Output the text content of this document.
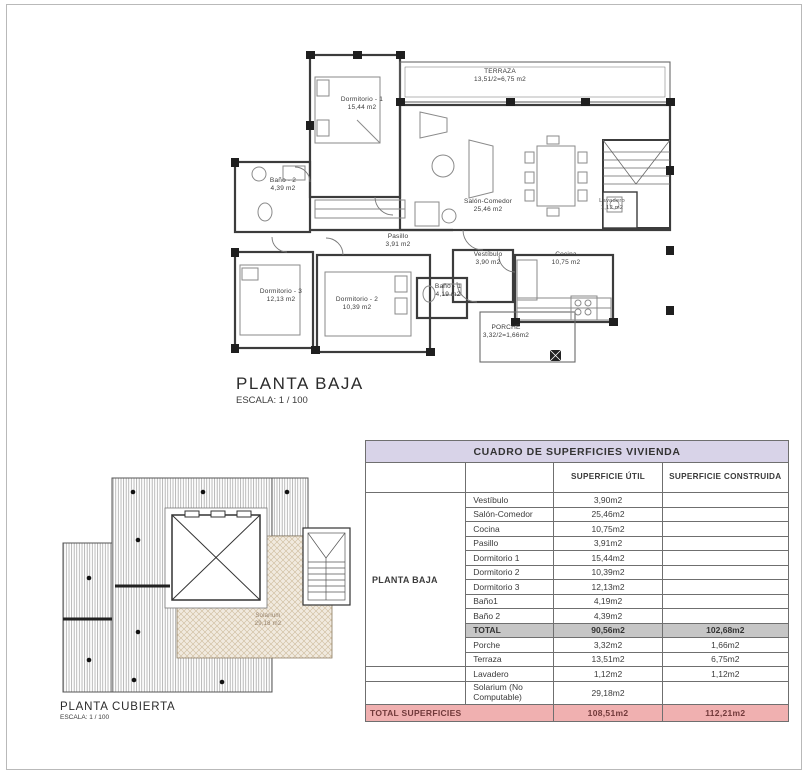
TERRAZA
13,51/2=6,75 m2
Dormitorio - 1
15,44 m2
Salón-Comedor
25,46 m2
Baño - 2
4,39 m2
Lavadero
1,12 m2
Pasillo
3,91 m2
Vestíbulo
3,90 m2
Cocina
10,75 m2
Dormitorio - 3
12,13 m2	Dormitorio - 2
10,39 m2
Baño - 1
4,19 m2
PORCHE
3,32/2=1,66m2
PLANTA BAJA
ESCALA: 1 / 100
Solarium
29,18 m2
PLANTA CUBIERTA
ESCALA: 1 / 100
CUADRO DE SUPERFICIES VIVIENDA			
		SUPERFICIE ÚTIL	SUPERFICIE CONSTRUIDA
PLANTA BAJA	Vestíbulo	3,90m2	
	Salón-Comedor	25,46m2	
	Cocina	10,75m2	
	Pasillo	3,91m2	
	Dormitorio 1	15,44m2	
	Dormitorio 2	10,39m2	
	Dormitorio 3	12,13m2	
	Baño1	4,19m2	
	Baño 2	4,39m2	
	TOTAL	90,56m2	102,68m2
	Porche	3,32m2	1,66m2
	Terraza	13,51m2	6,75m2
	Lavadero	1,12m2	1,12m2
	Solarium (No Computable)	29,18m2	
TOTAL SUPERFICIES		108,51m2	112,21m2
